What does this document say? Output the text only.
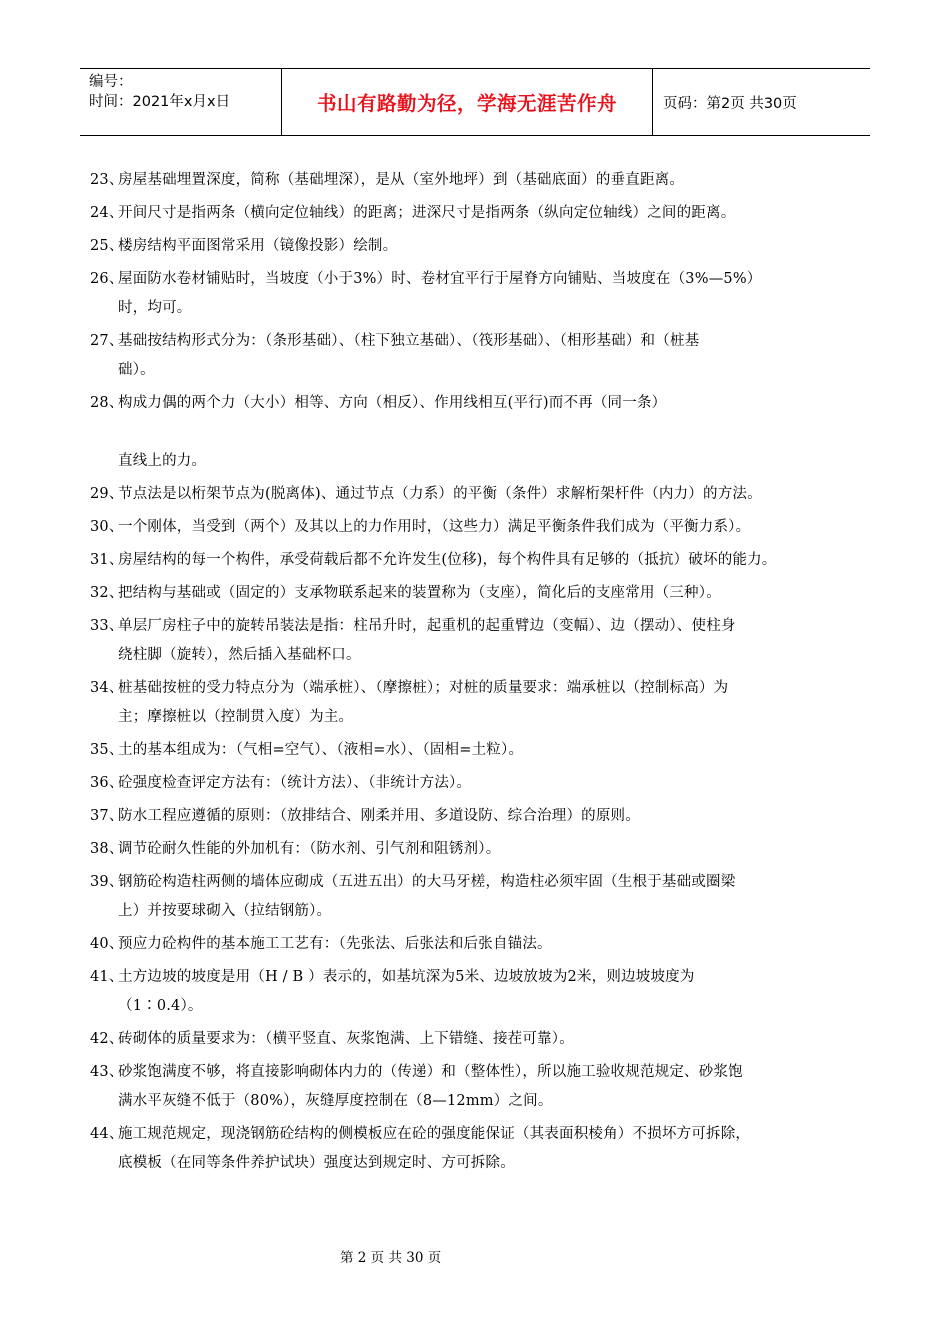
编号：
时间：2021年x月x日	书山有路勤为径，学海无涯苦作舟	页码：第2页 共30页
23、
房屋基础埋置深度，简称（基础埋深），是从（室外地坪）到（基础底面）的垂直距离。
24、
开间尺寸是指两条（横向定位轴线）的距离；进深尺寸是指两条（纵向定位轴线）之间的距离。
25、
楼房结构平面图常采用（镜像投影）绘制。
26、
屋面防水卷材铺贴时，当坡度（小于3%）时、卷材宜平行于屋脊方向铺贴、当坡度在（3%—5%）
时，均可。
27、
基础按结构形式分为：（条形基础）、（柱下独立基础）、（筏形基础）、（相形基础）和（桩基
础）。
28、
构成力偶的两个力（大小）相等、方向（相反）、作用线相互(平行)而不再（同一条）

直线上的力。
29、
节点法是以桁架节点为(脱离体)、通过节点（力系）的平衡（条件）求解桁架杆件（内力）的方法。
30、
一个刚体，当受到（两个）及其以上的力作用时，（这些力）满足平衡条件我们成为（平衡力系）。
31、
房屋结构的每一个构件，承受荷载后都不允许发生(位移)，每个构件具有足够的（抵抗）破坏的能力。
32、
把结构与基础或（固定的）支承物联系起来的装置称为（支座），简化后的支座常用（三种）。
33、
单层厂房柱子中的旋转吊装法是指：柱吊升时，起重机的起重臂边（变幅）、边（摆动）、使柱身
绕柱脚（旋转），然后插入基础杯口。
34、
桩基础按桩的受力特点分为（端承桩）、（摩擦桩）；对桩的质量要求：端承桩以（控制标高）为
主；摩擦桩以（控制贯入度）为主。
35、
土的基本组成为：（气相=空气）、（液相=水）、（固相=土粒）。
36、
砼强度检查评定方法有：（统计方法）、（非统计方法）。
37、
防水工程应遵循的原则：（放排结合、刚柔并用、多道设防、综合治理）的原则。
38、
调节砼耐久性能的外加机有：（防水剂、引气剂和阻锈剂）。
39、
钢筋砼构造柱两侧的墙体应砌成（五进五出）的大马牙槎，构造柱必须牢固（生根于基础或圈梁
上）并按要球砌入（拉结钢筋）。
40、
预应力砼构件的基本施工工艺有：（先张法、后张法和后张自锚法。
41、
土方边坡的坡度是用（H / B ）表示的，如基坑深为5米、边坡放坡为2米，则边坡坡度为
（1∶0.4）。
42、
砖砌体的质量要求为：（横平竖直、灰浆饱满、上下错缝、接茬可靠）。
43、
砂浆饱满度不够，将直接影响砌体内力的（传递）和（整体性），所以施工验收规范规定、砂浆饱
满水平灰缝不低于（80%），灰缝厚度控制在（8—12mm）之间。
44、
施工规范规定，现浇钢筋砼结构的侧模板应在砼的强度能保证（其表面积棱角）不损坏方可拆除，
底模板（在同等条件养护试块）强度达到规定时、方可拆除。
第 2 页 共 30 页
